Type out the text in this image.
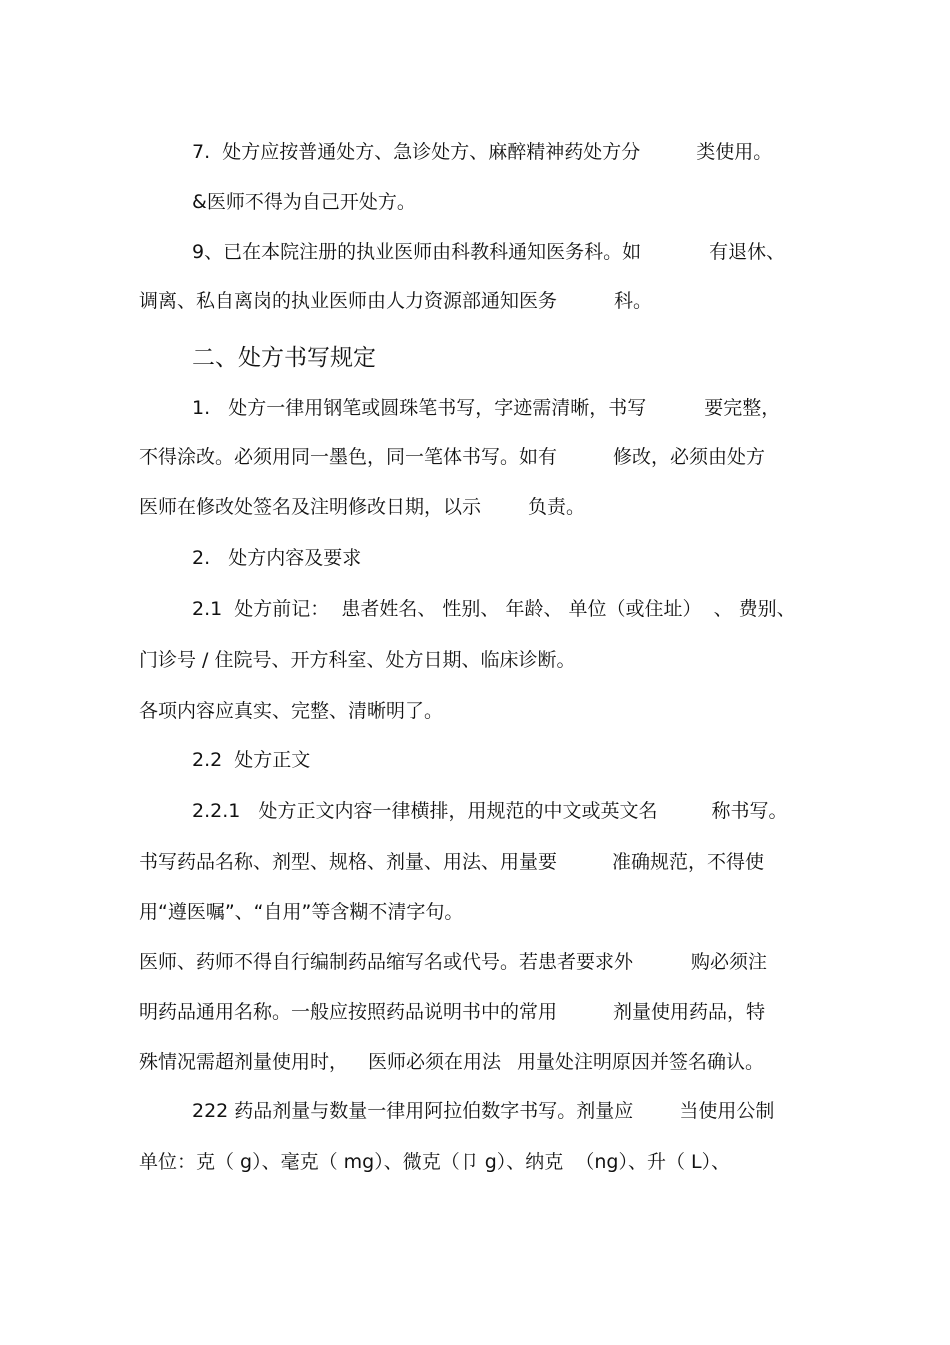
7.  处方应按普通处方、急诊处方、麻醉精神药处方分	类使用。

&医师不得为自己开处方。

9、已在本院注册的执业医师由科教科通知医务科。如	有退休、

调离、私自离岗的执业医师由人力资源部通知医务	科。

二、处方书写规定

1.   处方一律用钢笔或圆珠笔书写，字迹需清晰，书写	要完整，

不得涂改。必须用同一墨色，同一笔体书写。如有	修改，必须由处方

医师在修改处签名及注明修改日期，以示 负责。

2.   处方内容及要求

2.1  处方前记：  患者姓名、 性别、 年龄、 单位（或住址）  、 费别、

门诊号 / 住院号、开方科室、处方日期、临床诊断。

各项内容应真实、完整、清晰明了。

2.2  处方正文

2.2.1   处方正文内容一律横排，用规范的中文或英文名	称书写。

书写药品名称、剂型、规格、剂量、用法、用量要	准确规范，不得使

用“遵医嘱”、“自用”等含糊不清字句。

医师、药师不得自行编制药品缩写名或代号。若患者要求外	购必须注

明药品通用名称。一般应按照药品说明书中的常用	剂量使用药品，特

殊情况需超剂量使用时， 医师必须在用法 用量处注明原因并签名确认。

222 药品剂量与数量一律用阿拉伯数字书写。剂量应 当使用公制

单位：克（ g）、毫克（ mg）、微克（卩 g）、纳克  （ng）、升（ L）、
